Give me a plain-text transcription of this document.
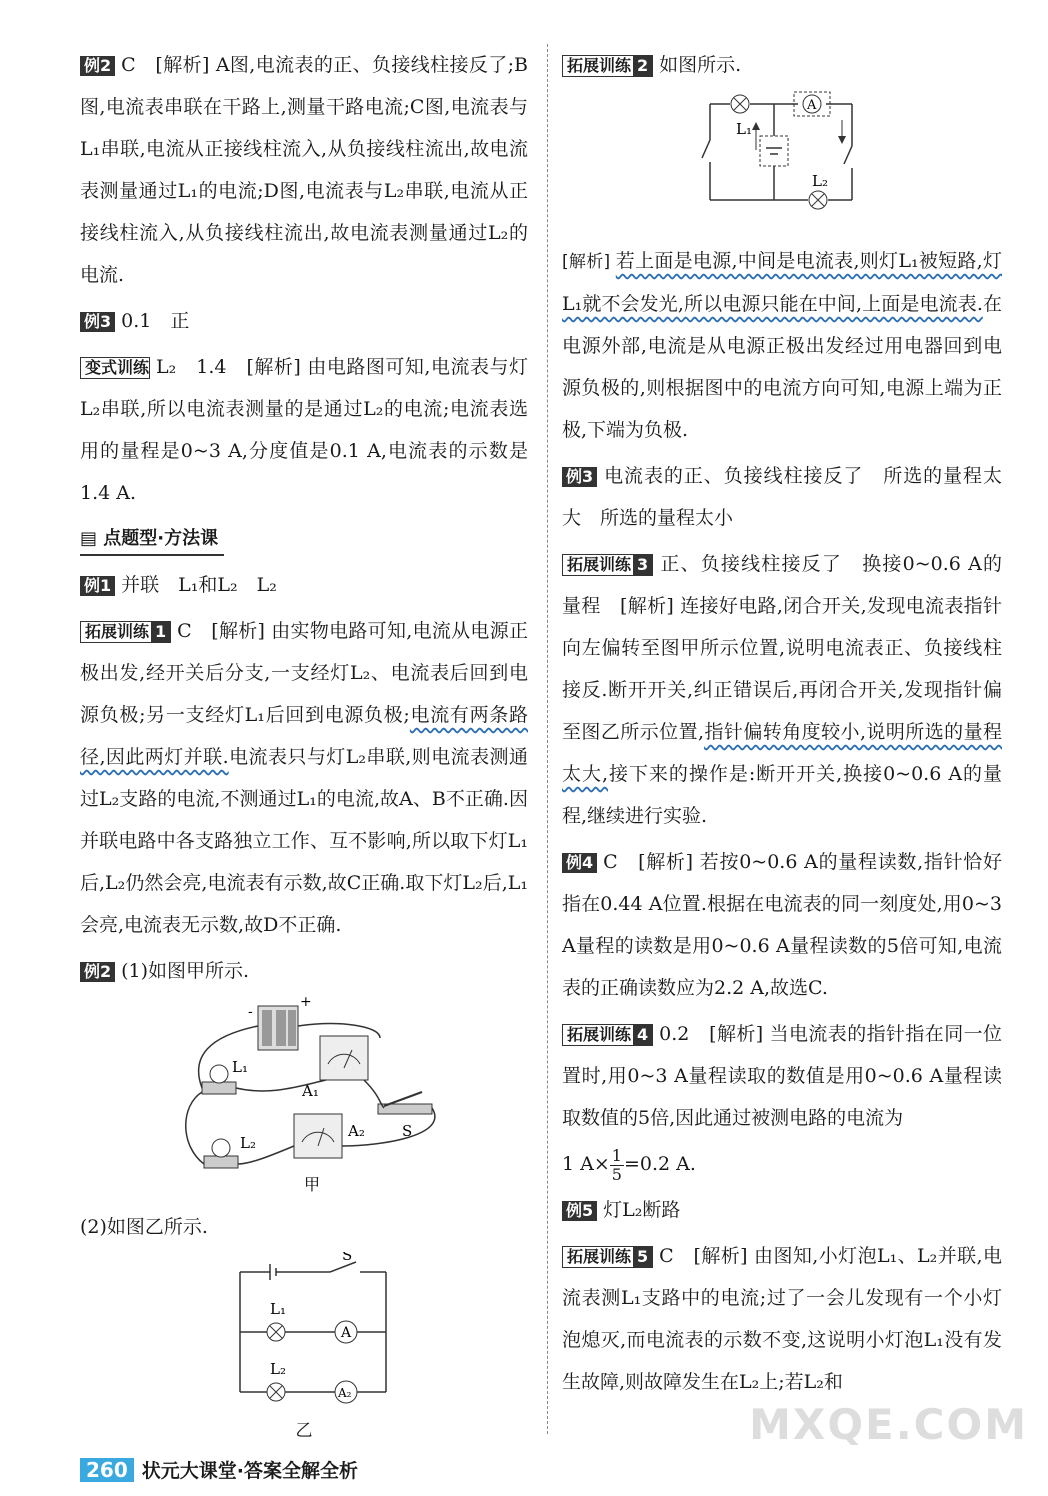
例2 C　[解析] A图,电流表的正、负接线柱接反了;B图,电流表串联在干路上,测量干路电流;C图,电流表与L₁串联,电流从正接线柱流入,从负接线柱流出,故电流表测量通过L₁的电流;D图,电流表与L₂串联,电流从正接线柱流入,从负接线柱流出,故电流表测量通过L₂的电流.

例3 0.1　正

变式训练 L₂　1.4　[解析] 由电路图可知,电流表与灯L₂串联,所以电流表测量的是通过L₂的电流;电流表选用的量程是0~3 A,分度值是0.1 A,电流表的示数是1.4 A.

▤ 点题型·方法课

例1 并联　L₁和L₂　L₂

拓展训练 1 C　[解析] 由实物电路可知,电流从电源正极出发,经开关后分支,一支经灯L₂、电流表后回到电源负极;另一支经灯L₁后回到电源负极;电流有两条路径,因此两灯并联.电流表只与灯L₂串联,则电流表测通过L₂支路的电流,不测通过L₁的电流,故A、B不正确.因并联电路中各支路独立工作、互不影响,所以取下灯L₁后,L₂仍然会亮,电流表有示数,故C正确.取下灯L₂后,L₁会亮,电流表无示数,故D不正确.

例2 (1)如图甲所示.

-
+
A₁
L₁
S
A₂
L₂
甲

(2)如图乙所示.

S
L₁
A
L₂
A₂
乙

拓展训练 2 如图所示.

L₁
A
L₂

[解析] 若上面是电源,中间是电流表,则灯L₁被短路,灯L₁就不会发光,所以电源只能在中间,上面是电流表.在电源外部,电流是从电源正极出发经过用电器回到电源负极的,则根据图中的电流方向可知,电源上端为正极,下端为负极.

例3 电流表的正、负接线柱接反了　所选的量程太大　所选的量程太小

拓展训练 3 正、负接线柱接反了　换接0~0.6 A的量程　[解析] 连接好电路,闭合开关,发现电流表指针向左偏转至图甲所示位置,说明电流表正、负接线柱接反.断开开关,纠正错误后,再闭合开关,发现指针偏至图乙所示位置,指针偏转角度较小,说明所选的量程太大,接下来的操作是:断开开关,换接0~0.6 A的量程,继续进行实验.

例4 C　[解析] 若按0~0.6 A的量程读数,指针恰好指在0.44 A位置.根据在电流表的同一刻度处,用0~3 A量程的读数是用0~0.6 A量程读数的5倍可知,电流表的正确读数应为2.2 A,故选C.

拓展训练 4 0.2　[解析] 当电流表的指针指在同一位置时,用0~3 A量程读取的数值是用0~0.6 A量程读取数值的5倍,因此通过被测电路的电流为

1 $A\times \frac{1}{5} =0.2$ A.

例5 灯L₂断路

拓展训练 5 C　[解析] 由图知,小灯泡L₁、L₂并联,电流表测L₁支路中的电流;过了一会儿发现有一个小灯泡熄灭,而电流表的示数不变,这说明小灯泡L₁没有发生故障,则故障发生在L₂上;若L₂和

260 状元大课堂·答案全解全析
MXQE.COM
